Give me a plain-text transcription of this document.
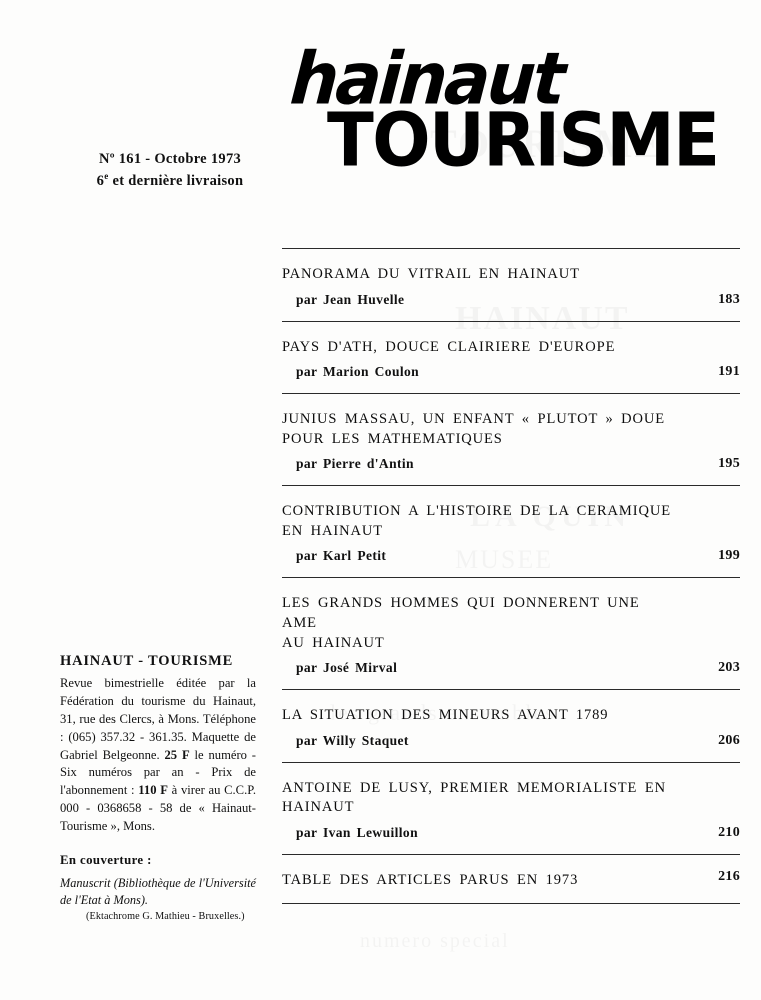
hainaut
TOURISME
Nº 161 - Octobre 1973
6e et dernière livraison
PANORAMA DU VITRAIL EN HAINAUT
par Jean Huvelle	183
PAYS D'ATH, DOUCE CLAIRIERE D'EUROPE
par Marion Coulon	191
JUNIUS MASSAU, UN ENFANT « PLUTOT » DOUE
POUR LES MATHEMATIQUES
par Pierre d'Antin	195
CONTRIBUTION A L'HISTOIRE DE LA CERAMIQUE
EN HAINAUT
par Karl Petit	199
LES GRANDS HOMMES QUI DONNERENT UNE AME
AU HAINAUT
par José Mirval	203
LA SITUATION DES MINEURS AVANT 1789
par Willy Staquet	206
ANTOINE DE LUSY, PREMIER MEMORIALISTE EN HAINAUT
par Ivan Lewuillon	210
TABLE DES ARTICLES PARUS EN 1973	216
HAINAUT - TOURISME
Revue bimestrielle éditée par la Fédération du tourisme du Hainaut, 31, rue des Clercs, à Mons. Téléphone : (065) 357.32 - 361.35. Maquette de Gabriel Belgeonne. 25 F le numéro - Six numéros par an - Prix de l'abonnement : 110 F à virer au C.C.P. 000 - 0368658 - 58 de « Hainaut-Tourisme », Mons.
En couverture :
Manuscrit (Bibliothèque de l'Université de l'Etat à Mons).
(Ektachrome G. Mathieu - Bruxelles.)
